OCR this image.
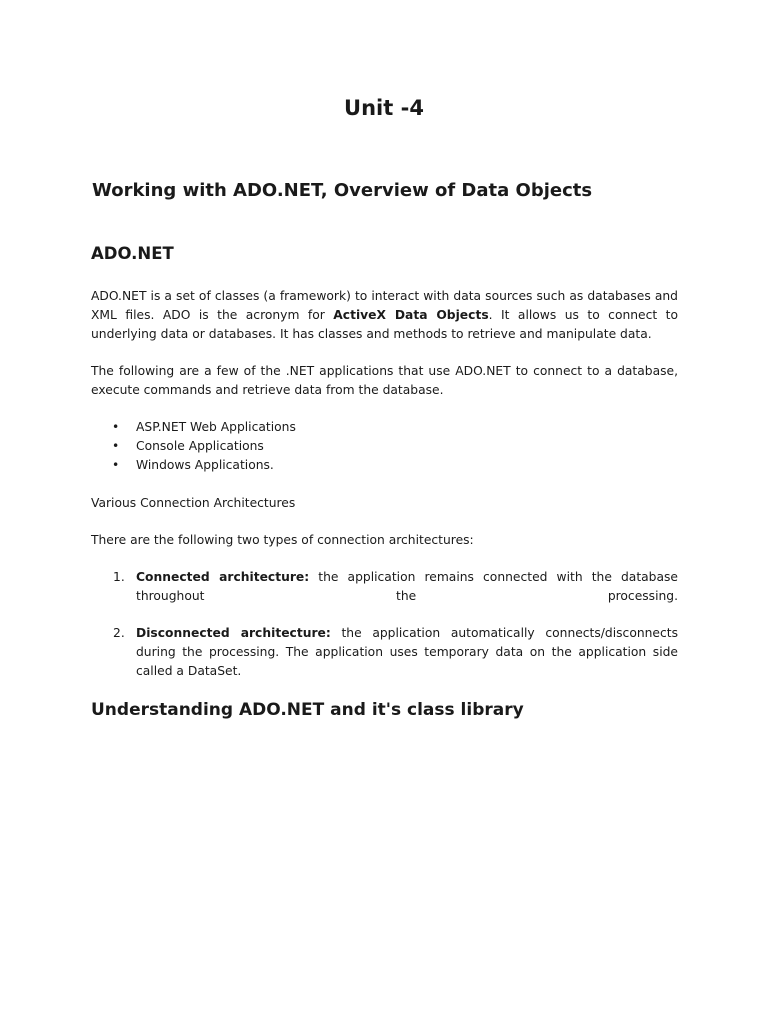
Unit -4
Working with ADO.NET, Overview of Data Objects
ADO.NET

ADO.NET is a set of classes (a framework) to interact with data sources such as databases and XML files. ADO is the acronym for ActiveX Data Objects. It allows us to connect to underlying data or databases. It has classes and methods to retrieve and manipulate data.

The following are a few of the .NET applications that use ADO.NET to connect to a database, execute commands and retrieve data from the database.

• ASP.NET Web Applications
• Console Applications
• Windows Applications.

Various Connection Architectures

There are the following two types of connection architectures:

1. Connected architecture: the application remains connected with the database throughout the processing.
2. Disconnected architecture: the application automatically connects/disconnects during the processing. The application uses temporary data on the application side called a DataSet.
Understanding ADO.NET and it's class library
